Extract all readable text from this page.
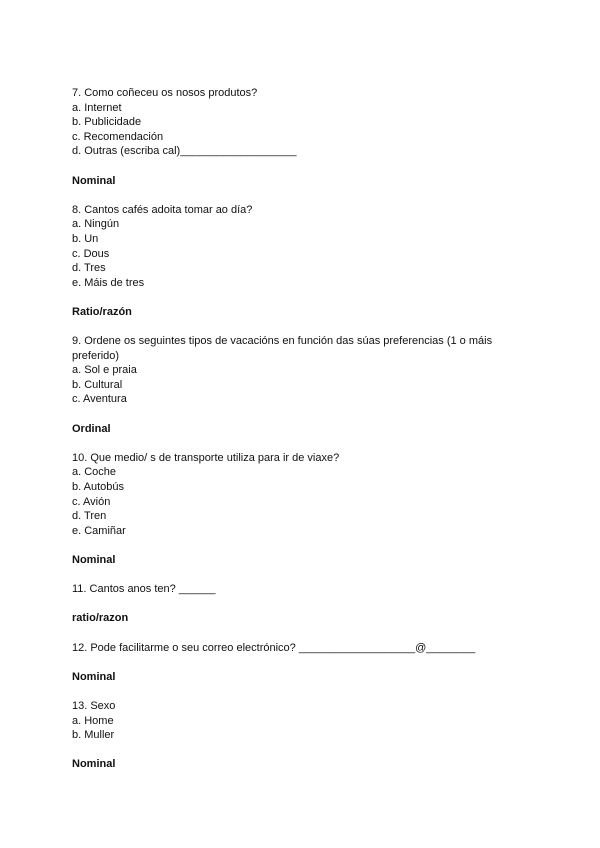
7. Como coñeceu os nosos produtos?

a. Internet

b. Publicidade

c. Recomendación

d. Outras (escriba cal)___________________

Nominal

8. Cantos cafés adoita tomar ao día?

a. Ningún

b. Un

c. Dous

d. Tres

e. Máis de tres

Ratio/razón

9. Ordene os seguintes tipos de vacacións en función das súas preferencias (1 o máis preferido)

a. Sol e praia

b. Cultural

c. Aventura

Ordinal

10. Que medio/ s de transporte utiliza para ir de viaxe?

a. Coche

b. Autobús

c. Avión

d. Tren

e. Camiñar

Nominal

11. Cantos anos ten? ______

ratio/razon

12. Pode facilitarme o seu correo electrónico? ___________________@________

Nominal

13. Sexo

a. Home

b. Muller

Nominal
